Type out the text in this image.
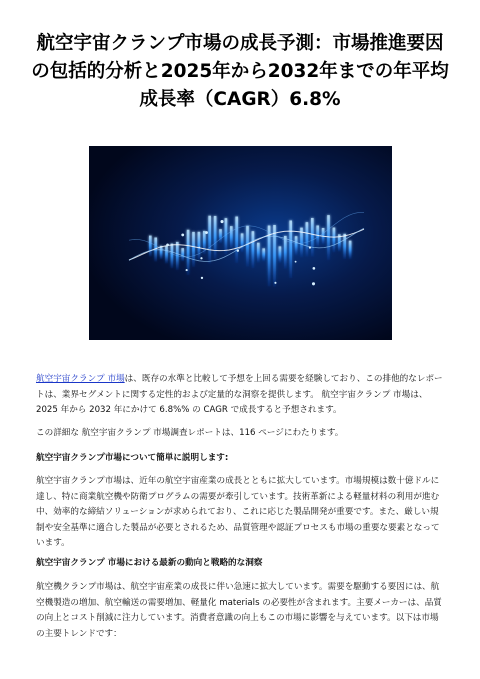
航空宇宙クランプ市場の成長予測：市場推進要因の包括的分析と2025年から2032年までの年平均成長率（CAGR）6.8%

航空宇宙クランプ 市場は、既存の水準と比較して予想を上回る需要を経験しており、この排他的なレポートは、業界セグメントに関する定性的および定量的な洞察を提供します。 航空宇宙クランプ 市場は、2025 年から 2032 年にかけて 6.8%% の CAGR で成長すると予想されます。

この詳細な 航空宇宙クランプ 市場調査レポートは、116 ページにわたります。

航空宇宙クランプ市場について簡単に説明します:

航空宇宙クランプ市場は、近年の航空宇宙産業の成長とともに拡大しています。市場規模は数十億ドルに達し、特に商業航空機や防衛プログラムの需要が牽引しています。技術革新による軽量材料の利用が進む中、効率的な締結ソリューションが求められており、これに応じた製品開発が重要です。また、厳しい規制や安全基準に適合した製品が必要とされるため、品質管理や認証プロセスも市場の重要な要素となっています。

航空宇宙クランプ 市場における最新の動向と戦略的な洞察

航空機クランプ市場は、航空宇宙産業の成長に伴い急速に拡大しています。需要を駆動する要因には、航空機製造の増加、航空輸送の需要増加、軽量化 materials の必要性が含まれます。主要メーカーは、品質の向上とコスト削減に注力しています。消費者意識の向上もこの市場に影響を与えています。以下は市場の主要トレンドです：
